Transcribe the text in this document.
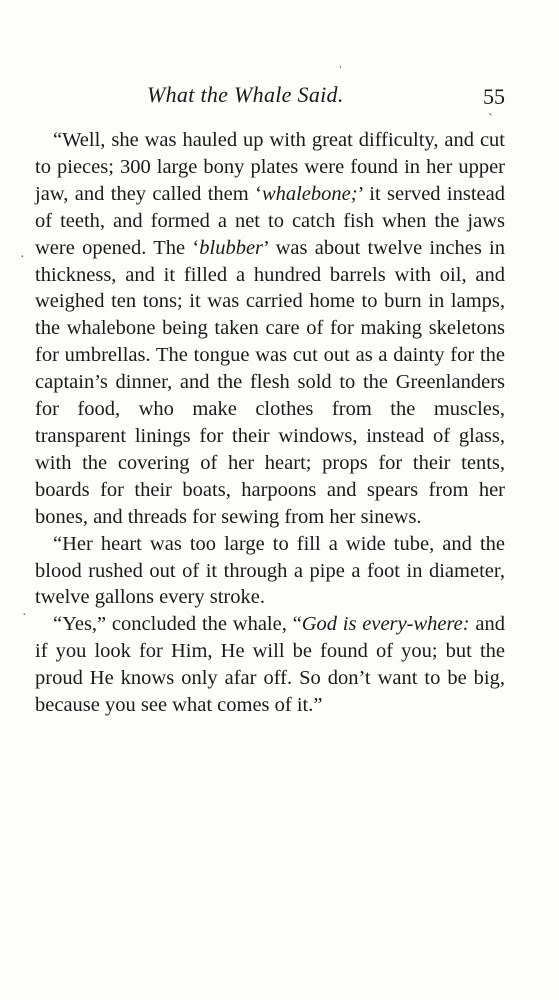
What the Whale Said.	55

“Well, she was hauled up with great difficulty, and cut to pieces; 300 large bony plates were found in her upper jaw, and they called them ‘whalebone;’ it served instead of teeth, and formed a net to catch fish when the jaws were opened. The ‘blubber’ was about twelve inches in thickness, and it filled a hundred barrels with oil, and weighed ten tons; it was carried home to burn in lamps, the whalebone being taken care of for making skeletons for umbrellas. The tongue was cut out as a dainty for the captain’s dinner, and the flesh sold to the Greenlanders for food, who make clothes from the muscles, transparent linings for their windows, instead of glass, with the covering of her heart; props for their tents, boards for their boats, harpoons and spears from her bones, and threads for sewing from her sinews.

“Her heart was too large to fill a wide tube, and the blood rushed out of it through a pipe a foot in diameter, twelve gallons every stroke.

“Yes,” concluded the whale, “God is every-where: and if you look for Him, He will be found of you; but the proud He knows only afar off. So don’t want to be big, because you see what comes of it.”

ˌ
ˋ
·
·
